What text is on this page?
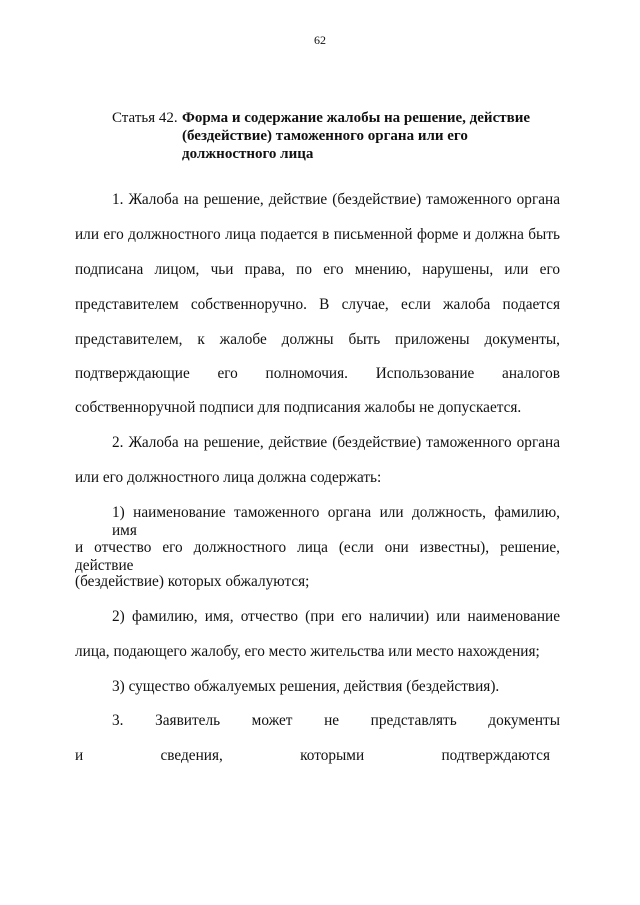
62
Статья 42. Форма и содержание жалобы на решение, действие
(бездействие) таможенного органа или его
должностного лица
1. Жалоба на решение, действие (бездействие) таможенного органа
или его должностного лица подается в письменной форме и должна быть
подписана лицом, чьи права, по его мнению, нарушены, или его
представителем собственноручно. В случае, если жалоба подается
представителем, к жалобе должны быть приложены документы,
подтверждающие его полномочия. Использование аналогов
собственноручной подписи для подписания жалобы не допускается.
2. Жалоба на решение, действие (бездействие) таможенного органа
или его должностного лица должна содержать:
1) наименование таможенного органа или должность, фамилию, имя
и отчество его должностного лица (если они известны), решение, действие
(бездействие) которых обжалуются;
2) фамилию, имя, отчество (при его наличии) или наименование
лица, подающего жалобу, его место жительства или место нахождения;
3) существо обжалуемых решения, действия (бездействия).
3. Заявитель может не представлять документы
и сведения, которыми подтверждаются
